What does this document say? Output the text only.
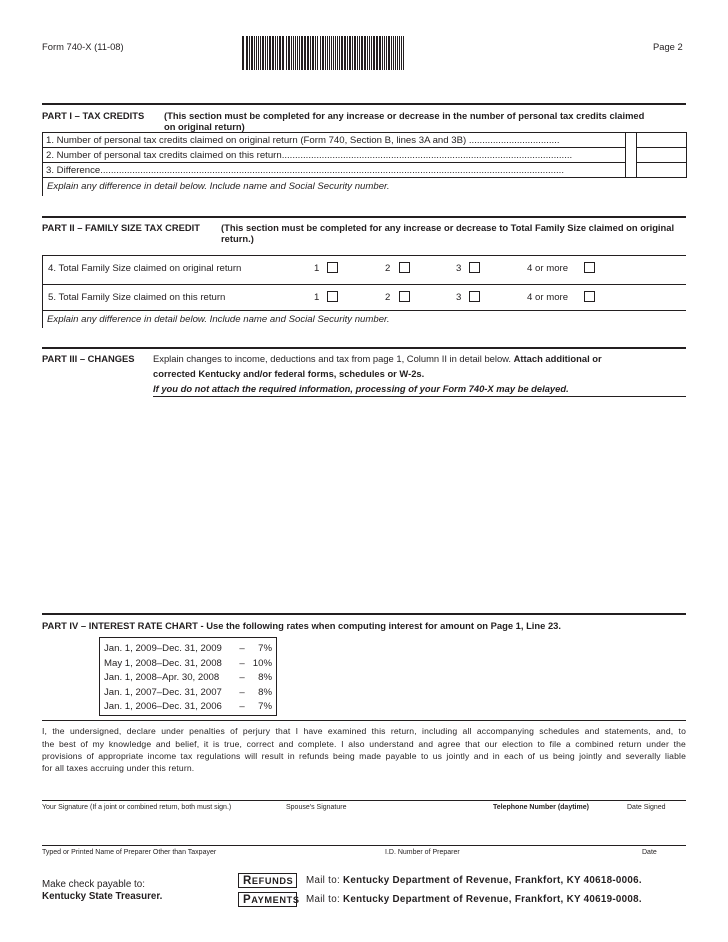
Form 740-X (11-08)	Page 2
PART I – TAX CREDITS (This section must be completed for any increase or decrease in the number of personal tax credits claimed
on original return)
1. Number of personal tax credits claimed on original return (Form 740, Section B, lines 3A and 3B) ..................................
2. Number of personal tax credits claimed on this return.............................................................................................................
3. Difference..............................................................................................................................................................................
Explain any difference in detail below. Include name and Social Security number.
PART II – FAMILY SIZE TAX CREDIT (This section must be completed for any increase or decrease to Total Family Size claimed on original
return.)
4. Total Family Size claimed on original return	1	2	3	4 or more
5. Total Family Size claimed on this return	1	2	3	4 or more
Explain any difference in detail below. Include name and Social Security number.
PART III – CHANGES Explain changes to income, deductions and tax from page 1, Column II in detail below. Attach additional or
corrected Kentucky and/or federal forms, schedules or W-2s.
If you do not attach the required information, processing of your Form 740-X may be delayed.
PART IV – INTEREST RATE CHART - Use the following rates when computing interest for amount on Page 1, Line 23.
Jan. 1, 2009–Dec. 31, 2009 – 7%
May 1, 2008–Dec. 31, 2008 – 10%
Jan. 1, 2008–Apr. 30, 2008 – 8%
Jan. 1, 2007–Dec. 31, 2007 – 8%
Jan. 1, 2006–Dec. 31, 2006 – 7%
I, the undersigned, declare under penalties of perjury that I have examined this return, including all accompanying schedules and statements, and, to
the best of my knowledge and belief, it is true, correct and complete. I also understand and agree that our election to file a combined return under the
provisions of appropriate income tax regulations will result in refunds being made payable to us jointly and in each of us being jointly and severally liable
for all taxes accruing under this return.
Your Signature (If a joint or combined return, both must sign.)	Spouse's Signature	Telephone Number (daytime)	Date Signed
Typed or Printed Name of Preparer Other than Taxpayer	I.D. Number of Preparer	Date
Make check payable to:
Kentucky State Treasurer.
REFUNDS	Mail to: Kentucky Department of Revenue, Frankfort, KY 40618-0006.
PAYMENTS Mail to: Kentucky Department of Revenue, Frankfort, KY 40619-0008.
